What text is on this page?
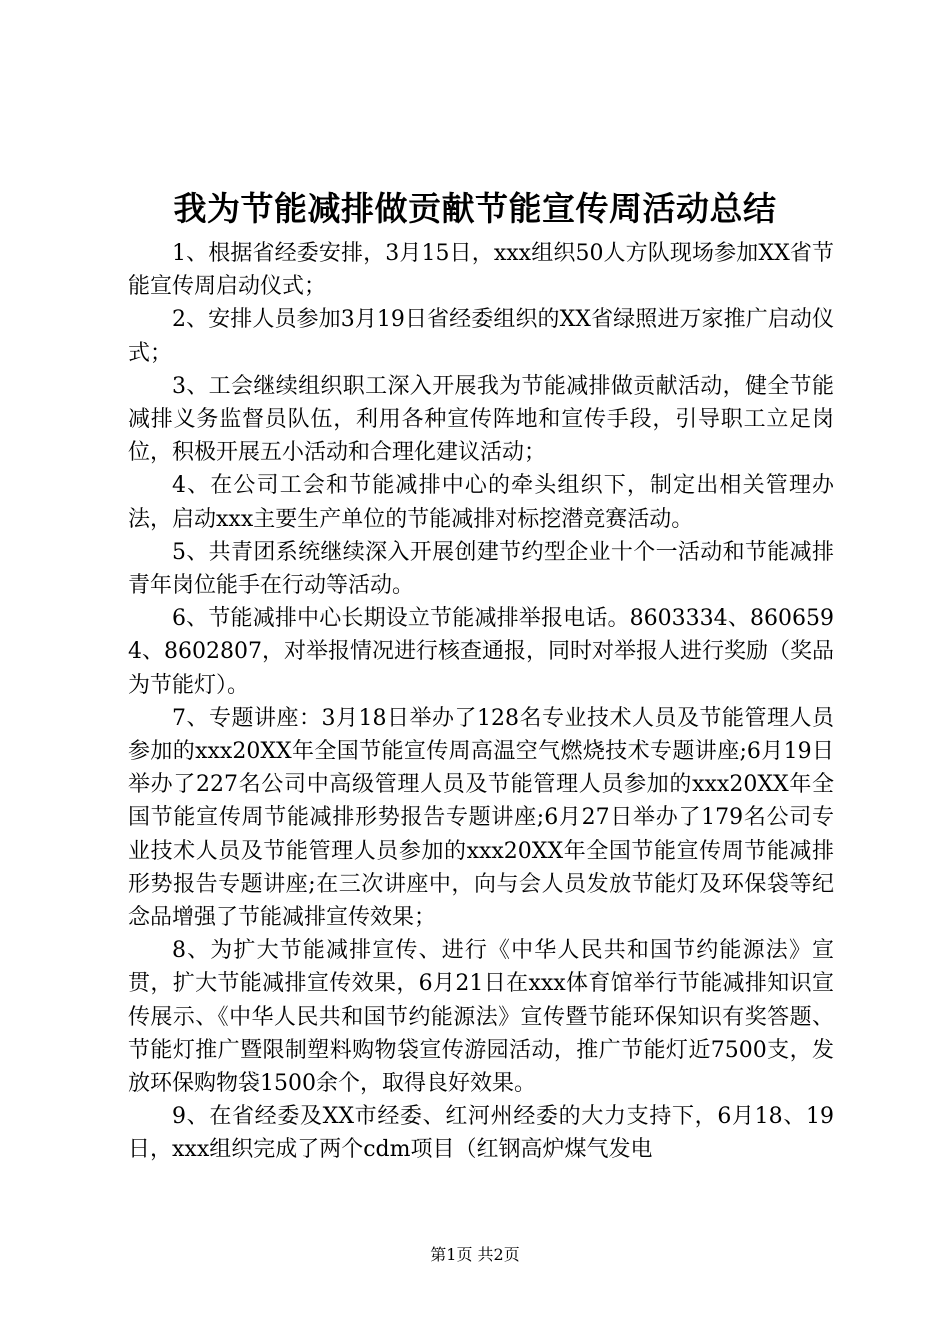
我为节能减排做贡献节能宣传周活动总结

1、根据省经委安排，3月15日，xxx组织50人方队现场参加XX省节能宣传周启动仪式；

2、安排人员参加3月19日省经委组织的XX省绿照进万家推广启动仪式；

3、工会继续组织职工深入开展我为节能减排做贡献活动，健全节能减排义务监督员队伍，利用各种宣传阵地和宣传手段，引导职工立足岗位，积极开展五小活动和合理化建议活动；

4、在公司工会和节能减排中心的牵头组织下，制定出相关管理办法，启动xxx主要生产单位的节能减排对标挖潜竞赛活动。

5、共青团系统继续深入开展创建节约型企业十个一活动和节能减排青年岗位能手在行动等活动。

6、节能减排中心长期设立节能减排举报电话。8603334、8606594、8602807，对举报情况进行核查通报，同时对举报人进行奖励（奖品为节能灯）。

7、专题讲座：3月18日举办了128名专业技术人员及节能管理人员参加的xxx20XX年全国节能宣传周高温空气燃烧技术专题讲座;6月19日举办了227名公司中高级管理人员及节能管理人员参加的xxx20XX年全国节能宣传周节能减排形势报告专题讲座;6月27日举办了179名公司专业技术人员及节能管理人员参加的xxx20XX年全国节能宣传周节能减排形势报告专题讲座;在三次讲座中，向与会人员发放节能灯及环保袋等纪念品增强了节能减排宣传效果；

8、为扩大节能减排宣传、进行《中华人民共和国节约能源法》宣贯，扩大节能减排宣传效果，6月21日在xxx体育馆举行节能减排知识宣传展示、《中华人民共和国节约能源法》宣传暨节能环保知识有奖答题、节能灯推广暨限制塑料购物袋宣传游园活动，推广节能灯近7500支，发放环保购物袋1500余个，取得良好效果。

9、在省经委及XX市经委、红河州经委的大力支持下，6月18、19日，xxx组织完成了两个cdm项目（红钢高炉煤气发电

第1页 共2页
